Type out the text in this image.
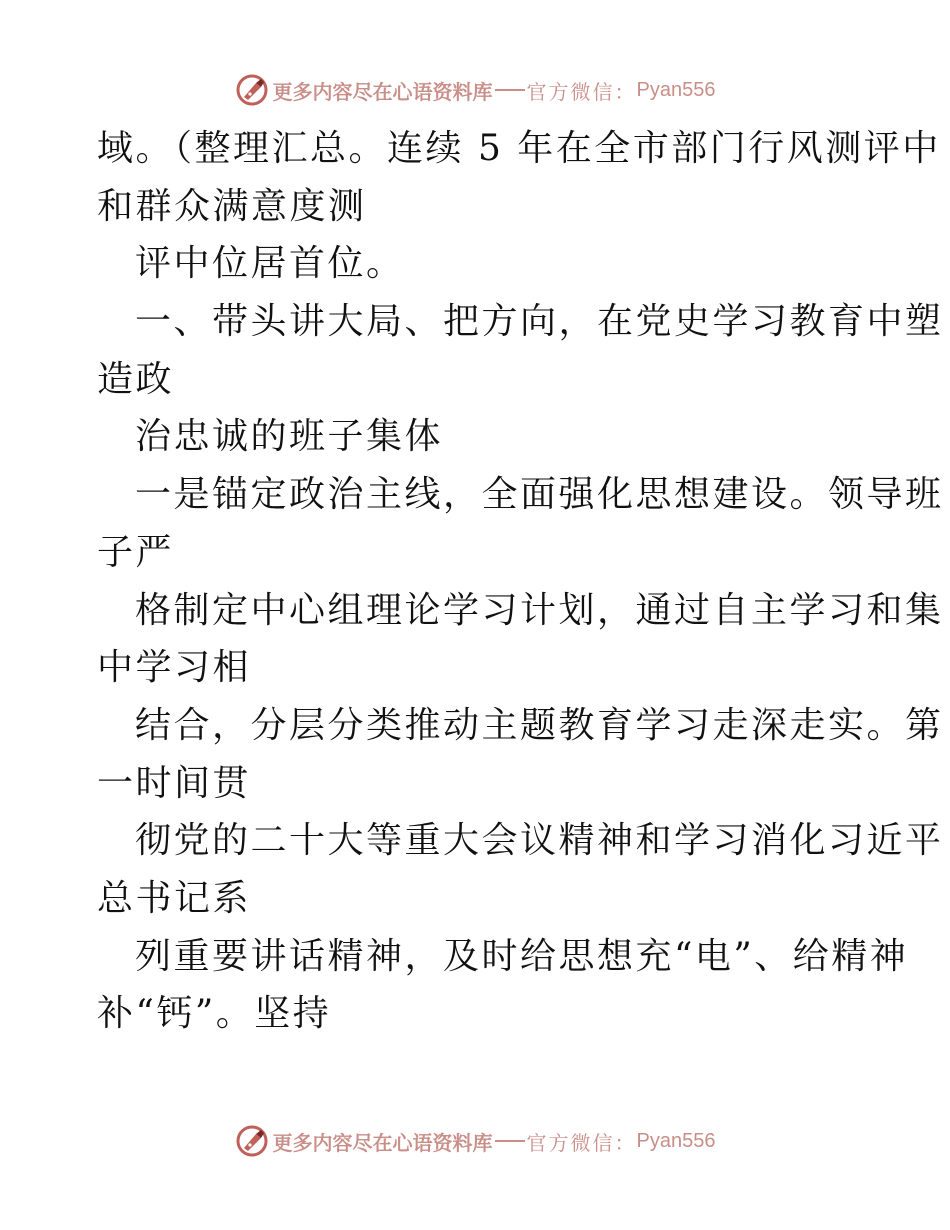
更多内容尽在心语资料库 官方微信： Pyan556
域。（整理汇总。连续 5 年在全市部门行风测评中
和群众满意度测
评中位居首位。
一、带头讲大局、把方向，在党史学习教育中塑
造政
治忠诚的班子集体
一是锚定政治主线，全面强化思想建设。领导班
子严
格制定中心组理论学习计划，通过自主学习和集
中学习相
结合，分层分类推动主题教育学习走深走实。第
一时间贯
彻党的二十大等重大会议精神和学习消化习近平
总书记系
列重要讲话精神，及时给思想充“电”、给精神
补“钙”。坚持
更多内容尽在心语资料库 官方微信： Pyan556
